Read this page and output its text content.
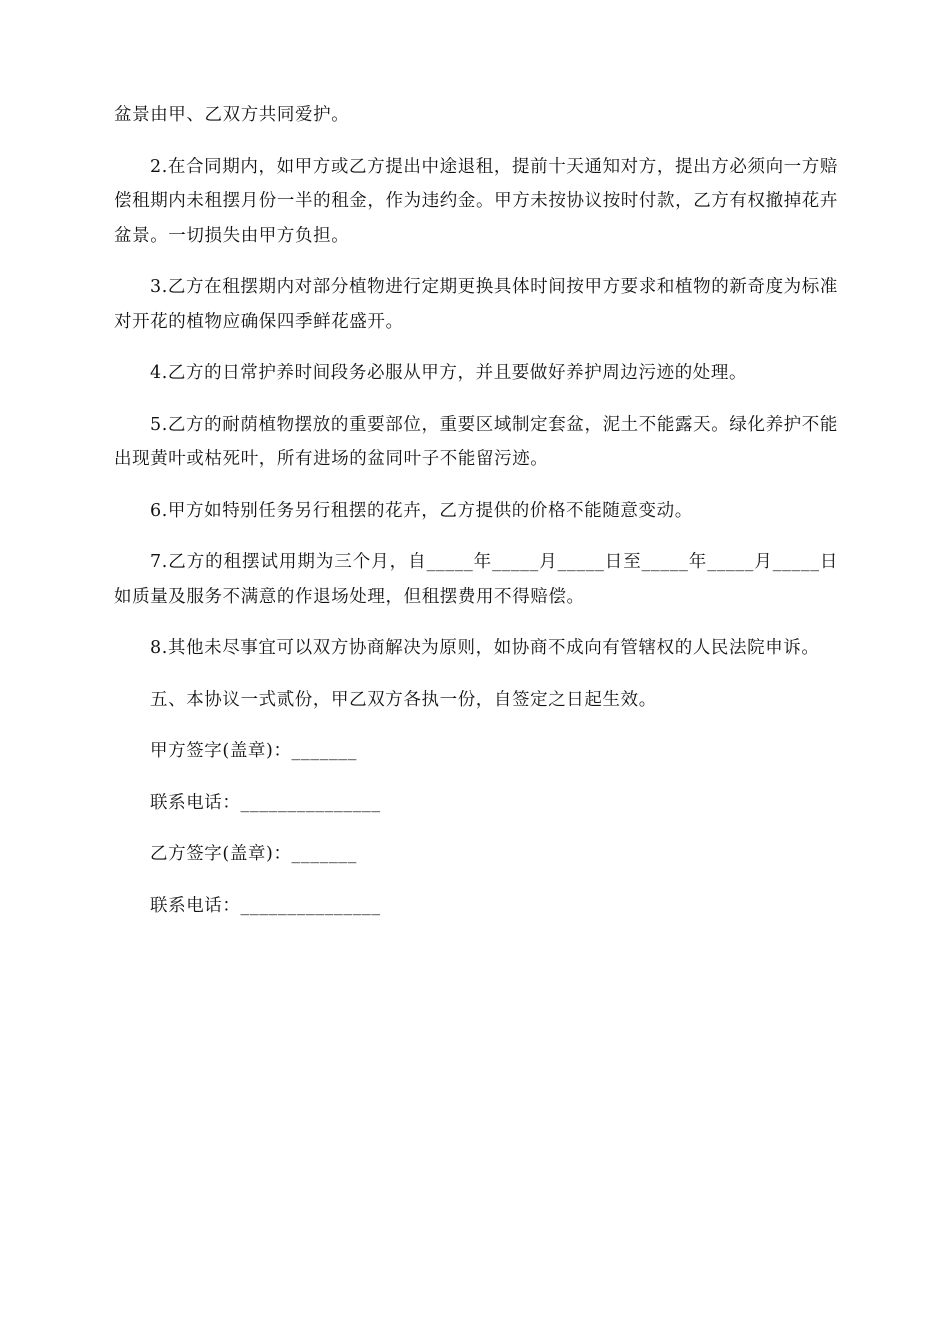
盆景由甲、乙双方共同爱护。

2.在合同期内，如甲方或乙方提出中途退租，提前十天通知对方，提出方必须向一方赔偿租期内未租摆月份一半的租金，作为违约金。甲方未按协议按时付款，乙方有权撤掉花卉盆景。一切损失由甲方负担。

3.乙方在租摆期内对部分植物进行定期更换具体时间按甲方要求和植物的新奇度为标准对开花的植物应确保四季鲜花盛开。

4.乙方的日常护养时间段务必服从甲方，并且要做好养护周边污迹的处理。

5.乙方的耐荫植物摆放的重要部位，重要区域制定套盆，泥土不能露天。绿化养护不能出现黄叶或枯死叶，所有进场的盆同叶子不能留污迹。

6.甲方如特别任务另行租摆的花卉，乙方提供的价格不能随意变动。

7.乙方的租摆试用期为三个月，自_____年_____月_____日至_____年_____月_____日如质量及服务不满意的作退场处理，但租摆费用不得赔偿。

8.其他未尽事宜可以双方协商解决为原则，如协商不成向有管辖权的人民法院申诉。

五、本协议一式贰份，甲乙双方各执一份，自签定之日起生效。

甲方签字(盖章)：_______

联系电话：_______________

乙方签字(盖章)：_______

联系电话：_______________
